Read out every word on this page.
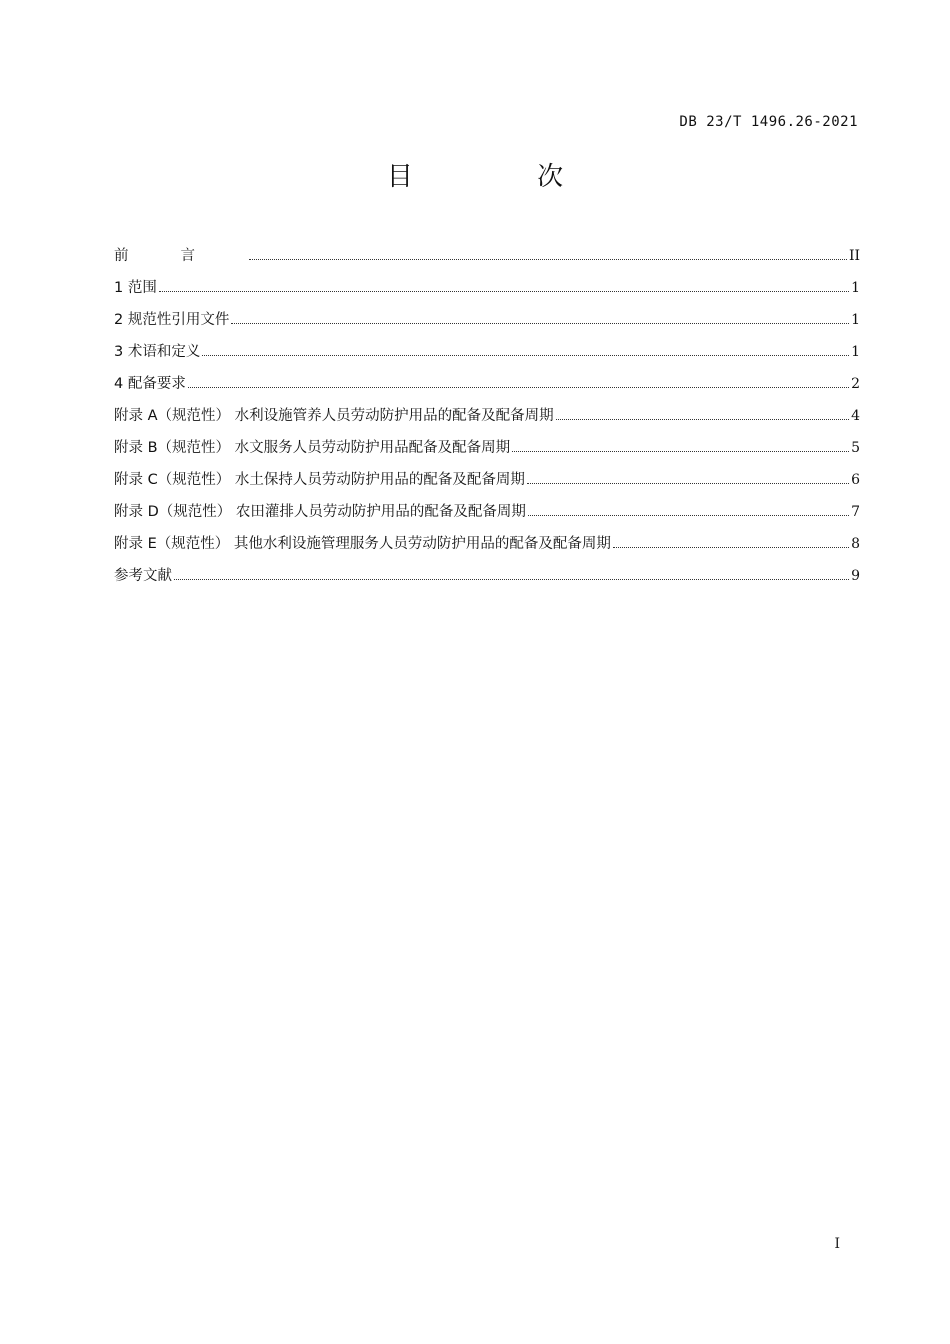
DB 23/T 1496.26-2021
目 次
前言	II
1 范围	1
2 规范性引用文件	1
3 术语和定义	1
4 配备要求	2
附录 A（规范性） 水利设施管养人员劳动防护用品的配备及配备周期	4
附录 B（规范性） 水文服务人员劳动防护用品配备及配备周期	5
附录 C（规范性） 水土保持人员劳动防护用品的配备及配备周期	6
附录 D（规范性） 农田灌排人员劳动防护用品的配备及配备周期	7
附录 E（规范性） 其他水利设施管理服务人员劳动防护用品的配备及配备周期	8
参考文献	9
I
